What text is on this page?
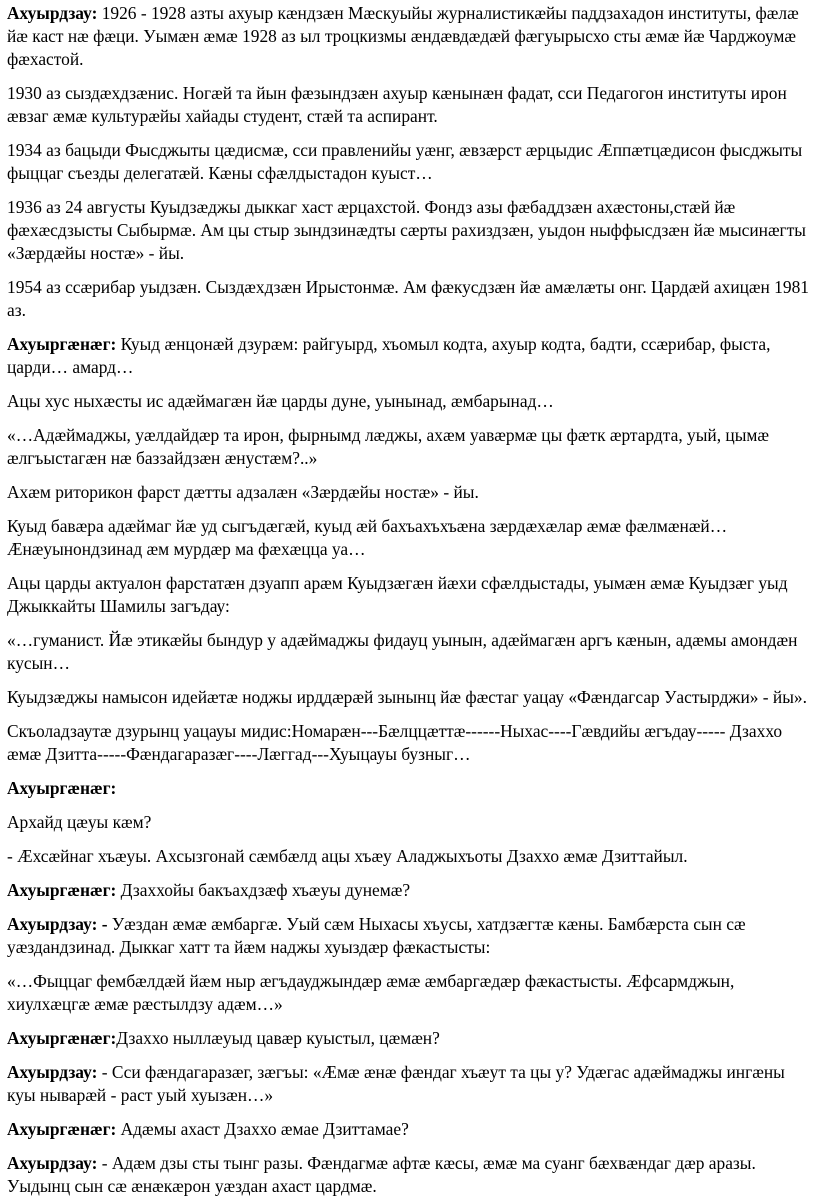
Ахуырдзау: 1926 - 1928 азты ахуыр кæндзæн Мæскуыйы журналистикæйы паддзахадон институты, фæлæ йæ каст нæ фæци. Уымæн æмæ 1928 аз ыл троцкизмы æндæвдæдæй фæгуырысхо сты æмæ йæ Чарджоумæ фæхастой.

1930 аз сыздæхдзæнис. Ногæй та йын фæзындзæн ахуыр кæнынæн фадат, сси Педагогон институты ирон æвзаг æмæ культурæйы хайады студент, стæй та аспирант.

1934 аз бацыди Фысджыты цæдисмæ, сси правленийы уæнг, æвзæрст æрцыдис Æппæтцæдисон фысджыты фыццаг съезды делегатæй. Кæны сфæлдыстадон куыст…

1936 аз 24 августы Куыдзæджы дыккаг хаст æрцахстой. Фондз азы фæбаддзæн ахæстоны,стæй йæ фæхæсдзысты Сыбырмæ. Ам цы стыр зындзинæдты сæрты рахиздзæн, уыдон ныффысдзæн йæ мысинæгты «Зæрдæйы ностæ» - йы.

1954 аз ссæрибар уыдзæн. Сыздæхдзæн Ирыстонмæ. Ам фæкусдзæн йæ амæлæты онг. Цардæй ахицæн 1981 аз.

Ахуыргæнæг: Куыд æнцонæй дзурæм: райгуырд, хъомыл кодта, ахуыр кодта, бадти, ссæрибар, фыста, царди… амард…

Ацы хус ныхæсты ис адæймагæн йæ царды дуне, уынынад, æмбарынад…

«…Адæймаджы, уæлдайдæр та ирон, фырнымд лæджы, ахæм уавæрмæ цы фæтк æртардта, уый, цымæ æлгъыстагæн нæ баззайдзæн æнустæм?..»

Ахæм риторикон фарст дæтты адзалæн «Зæрдæйы ностæ» - йы.

Куыд бавæра адæймаг йæ уд сыгъдæгæй, куыд æй бахъахъхъæна зæрдæхæлар æмæ фæлмæнæй… Æнæуынондзинад æм мурдæр ма фæхæцца уа…

Ацы царды актуалон фарстатæн дзуапп арæм Куыдзæгæн йæхи сфæлдыстады, уымæн æмæ Куыдзæг уыд Джыккайты Шамилы загъдау:

«…гуманист. Йæ этикæйы бындур у адæймаджы фидауц уынын, адæймагæн аргъ кæнын, адæмы амондæн кусын…

Куыдзæджы намысон идейæтæ ноджы ирддæрæй зынынц йæ фæстаг уацау «Фæндагсар Уастырджи» - йы».

Скъоладзаутæ дзурынц уацауы мидис:Номарæн---Бæлццæттæ------Ныхас----Гæвдийы æгъдау----- Дзаххо æмæ Дзитта-----Фæндагаразæг----Лæггад---Хуыцауы бузныг…

Ахуыргæнæг:

Архайд цæуы кæм?

- Æхсæйнаг хъæуы. Ахсызгонай сæмбæлд ацы хъæу Аладжыхъоты Дзаххо æмæ Дзиттайыл.

Ахуыргæнæг: Дзаххойы бакъахдзæф хъæуы дунемæ?

Ахуырдзау: - Уæздан æмæ æмбаргæ. Уый сæм Ныхасы хъусы, хатдзæгтæ кæны. Бамбæрста сын сæ уæздандзинад. Дыккаг хатт та йæм наджы хуыздæр фæкастысты:

«…Фыццаг фембæлдæй йæм ныр æгъдауджындæр æмæ æмбаргæдæр фæкастысты. Æфсармджын, хиулхæцгæ æмæ рæстылдзу адæм…»

Ахуыргæнæг:Дзаххо ныллæуыд цавæр куыстыл, цæмæн?

Ахуырдзау: - Сси фæндагаразæг, зæгъы: «Æмæ æнæ фæндаг хъæут та цы у? Удæгас адæймаджы ингæны куы ныварæй - раст уый хуызæн…»

Ахуыргæнæг: Адæмы ахаст Дзаххо æмае Дзиттамае?

Ахуырдзау: - Адæм дзы сты тынг разы. Фæндагмæ афтæ кæсы, æмæ ма суанг бæхвæндаг дæр аразы. Уыдынц сын сæ æнæкæрон уæздан ахаст цардмæ.
